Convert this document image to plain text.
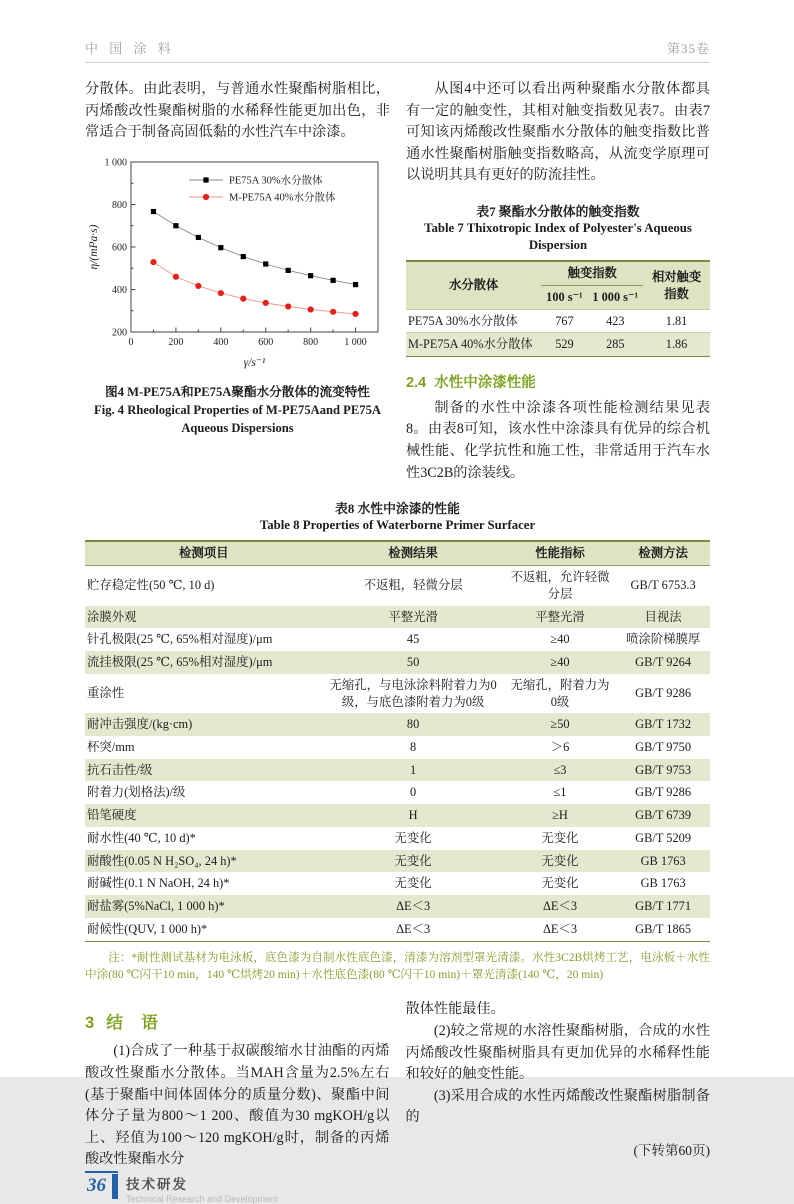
中 国 涂 料	第35卷

分散体。由此表明，与普通水性聚酯树脂相比，丙烯酸改性聚酯树脂的水稀释性能更加出色，非常适合于制备高固低黏的水性汽车中涂漆。

0	200	400	600	800	1 000
200
400
600
800
1 000
γ/s⁻¹
η/(mPa·s)
PE75A 30%水分散体
M-PE75A 40%水分散体
图4 M-PE75A和PE75A聚酯水分散体的流变特性
Fig. 4 Rheological Properties of M-PE75Aand PE75A
Aqueous Dispersions

从图4中还可以看出两种聚酯水分散体都具有一定的触变性，其相对触变指数见表7。由表7可知该丙烯酸改性聚酯水分散体的触变指数比普通水性聚酯树脂触变指数略高，从流变学原理可以说明其具有更好的防流挂性。

表7 聚酯水分散体的触变指数
Table 7 Thixotropic Index of Polyester's Aqueous
Dispersion
水分散体	触变指数		相对触变指数
	100 s⁻¹	1 000 s⁻¹	
PE75A 30%水分散体	767	423	1.81
M-PE75A 40%水分散体	529	285	1.86
2.4 水性中涂漆性能

制备的水性中涂漆各项性能检测结果见表8。由表8可知，该水性中涂漆具有优异的综合机械性能、化学抗性和施工性，非常适用于汽车水性3C2B的涂装线。

表8 水性中涂漆的性能
Table 8 Properties of Waterborne Primer Surfacer
检测项目	检测结果	性能指标	检测方法
贮存稳定性(50 ℃, 10 d)	不返粗，轻微分层	不返粗，允许轻微分层	GB/T 6753.3
涂膜外观	平整光滑	平整光滑	目视法
针孔极限(25 ℃, 65%相对湿度)/μm	45	≥40	喷涂阶梯膜厚
流挂极限(25 ℃, 65%相对湿度)/μm	50	≥40	GB/T 9264
重涂性	无缩孔，与电泳涂料附着力为0级，与底色漆附着力为0级	无缩孔，附着力为0级	GB/T 9286
耐冲击强度/(kg·cm)	80	≥50	GB/T 1732
杯突/mm	8	＞6	GB/T 9750
抗石击性/级	1	≤3	GB/T 9753
附着力(划格法)/级	0	≤1	GB/T 9286
铅笔硬度	H	≥H	GB/T 6739
耐水性(40 ℃, 10 d)*	无变化	无变化	GB/T 5209
耐酸性(0.05 N H₂SO₄, 24 h)*	无变化	无变化	GB 1763
耐碱性(0.1 N NaOH, 24 h)*	无变化	无变化	GB 1763
耐盐雾(5%NaCl, 1 000 h)*	ΔE＜3	ΔE＜3	GB/T 1771
耐候性(QUV, 1 000 h)*	ΔE＜3	ΔE＜3	GB/T 1865

注：*耐性测试基材为电泳板，底色漆为自制水性底色漆，清漆为溶剂型罩光清漆。水性3C2B烘烤工艺，电泳板＋水性中涂(80 ℃闪干10 min，140 ℃烘烤20 min)＋水性底色漆(80 ℃闪干10 min)＋罩光清漆(140 ℃，20 min)

3 结　语

(1)合成了一种基于叔碳酸缩水甘油酯的丙烯酸改性聚酯水分散体。当MAH含量为2.5%左右(基于聚酯中间体固体分的质量分数)、聚酯中间体分子量为800～1 200、酸值为30 mgKOH/g以上、羟值为100～120 mgKOH/g时，制备的丙烯酸改性聚酯水分

散体性能最佳。

(2)较之常规的水溶性聚酯树脂，合成的水性丙烯酸改性聚酯树脂具有更加优异的水稀释性能和较好的触变性能。

(3)采用合成的水性丙烯酸改性聚酯树脂制备的

(下转第60页)

36	技术研发
Technical Research and Development
